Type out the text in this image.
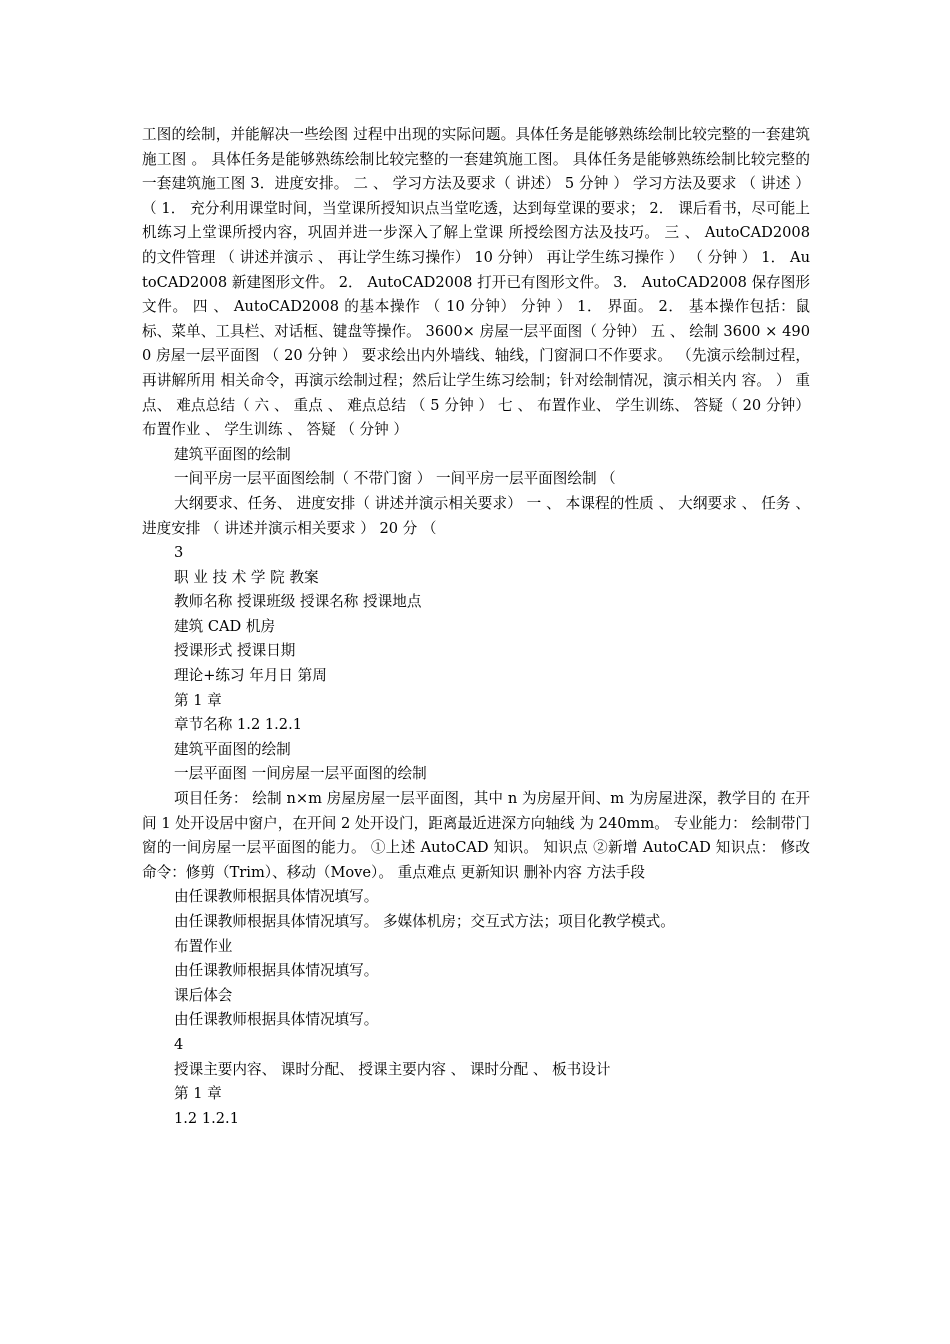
工图的绘制，并能解决一些绘图 过程中出现的实际问题。具体任务是能够熟练绘制比较完整的一套建筑施工图 。 具体任务是能够熟练绘制比较完整的一套建筑施工图。 具体任务是能够熟练绘制比较完整的一套建筑施工图 3．进度安排。 二 、 学习方法及要求（ 讲述） 5 分钟 ） 学习方法及要求 （ 讲述 ） （ 1． 充分利用课堂时间，当堂课所授知识点当堂吃透，达到每堂课的要求； 2． 课后看书，尽可能上机练习上堂课所授内容，巩固并进一步深入了解上堂课 所授绘图方法及技巧。 三 、 AutoCAD2008 的文件管理 （ 讲述并演示 、 再让学生练习操作） 10 分钟） 再让学生练习操作 ） （ 分钟 ） 1． AutoCAD2008 新建图形文件。 2． AutoCAD2008 打开已有图形文件。 3． AutoCAD2008 保存图形文件。 四 、 AutoCAD2008 的基本操作 （ 10 分钟） 分钟 ） 1． 界面。 2． 基本操作包括：鼠标、菜单、工具栏、对话框、键盘等操作。 3600× 房屋一层平面图（ 分钟） 五 、 绘制 3600 × 4900 房屋一层平面图 （ 20 分钟 ） 要求绘出内外墙线、轴线，门窗洞口不作要求。 （先演示绘制过程，再讲解所用 相关命令，再演示绘制过程；然后让学生练习绘制；针对绘制情况，演示相关内 容。 ） 重点、 难点总结（ 六 、 重点 、 难点总结 （ 5 分钟 ） 七 、 布置作业、 学生训练、 答疑（ 20 分钟） 布置作业 、 学生训练 、 答疑 （ 分钟 ）

建筑平面图的绘制

一间平房一层平面图绘制（ 不带门窗 ） 一间平房一层平面图绘制 （

大纲要求、任务、 进度安排（ 讲述并演示相关要求） 一 、 本课程的性质 、 大纲要求 、 任务 、 进度安排 （ 讲述并演示相关要求 ） 20 分 （

3

职 业 技 术 学 院 教案

教师名称 授课班级 授课名称 授课地点

建筑 CAD 机房

授课形式 授课日期

理论+练习 年月日 第周

第 1 章

章节名称 1.2 1.2.1

建筑平面图的绘制

一层平面图 一间房屋一层平面图的绘制

项目任务： 绘制 n×m 房屋房屋一层平面图，其中 n 为房屋开间、m 为房屋进深，教学目的 在开间 1 处开设居中窗户，在开间 2 处开设门，距离最近进深方向轴线 为 240mm。 专业能力： 绘制带门窗的一间房屋一层平面图的能力。 ①上述 AutoCAD 知识。 知识点 ②新增 AutoCAD 知识点： 修改命令：修剪（Trim）、移动（Move）。 重点难点 更新知识 删补内容 方法手段

由任课教师根据具体情况填写。

由任课教师根据具体情况填写。 多媒体机房；交互式方法；项目化教学模式。

布置作业

由任课教师根据具体情况填写。

课后体会

由任课教师根据具体情况填写。

4

授课主要内容、 课时分配、 授课主要内容 、 课时分配 、 板书设计

第 1 章

1.2 1.2.1
